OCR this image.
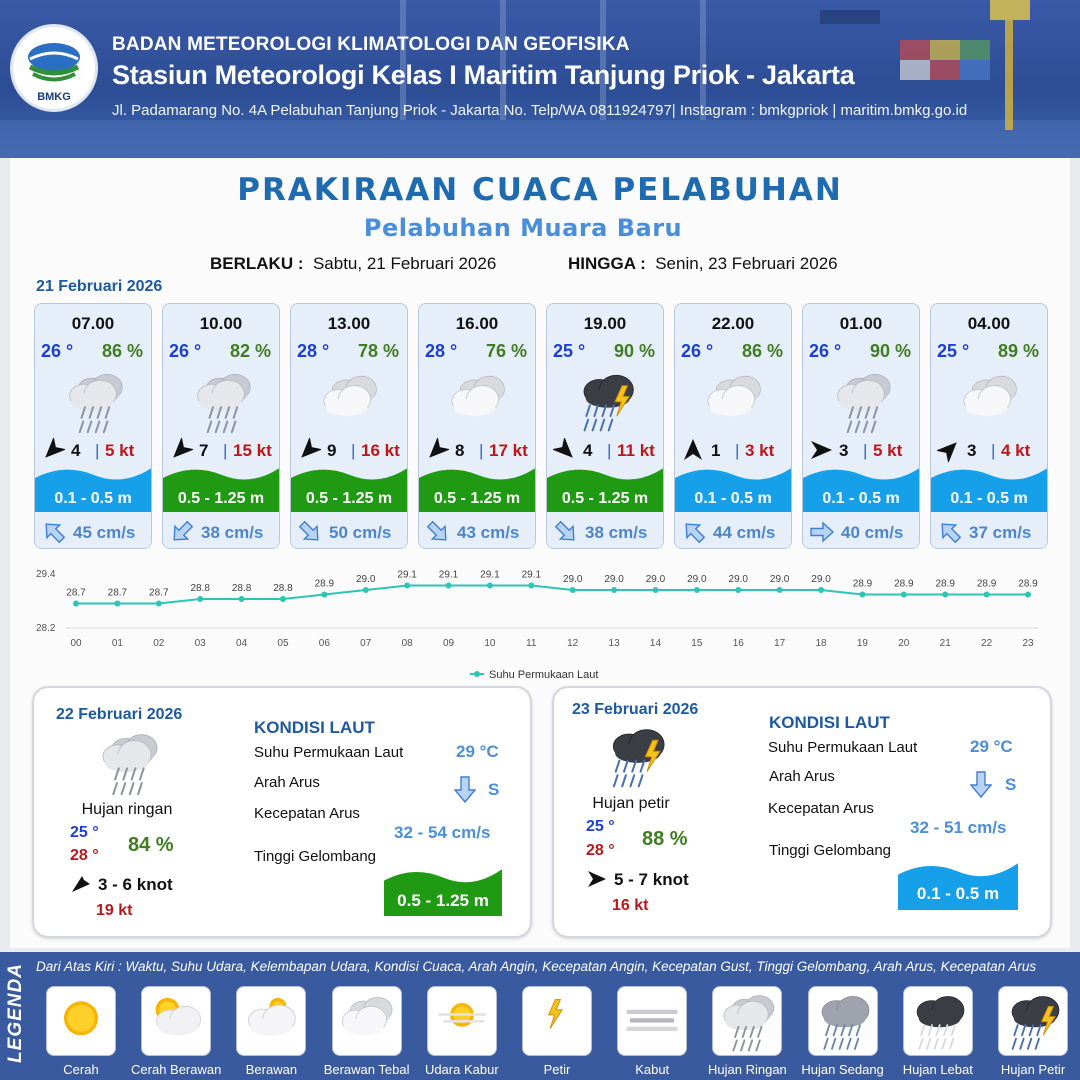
BMKG
BADAN METEOROLOGI KLIMATOLOGI DAN GEOFISIKA
Stasiun Meteorologi Kelas I Maritim Tanjung Priok - Jakarta
Jl. Padamarang No. 4A Pelabuhan Tanjung Priok - Jakarta No. Telp/WA 0811924797| Instagram : bmkgpriok | maritim.bmkg.go.id
PRAKIRAAN CUACA PELABUHAN
Pelabuhan Muara Baru
BERLAKU : Sabtu, 21 Februari 2026	HINGGA : Senin, 23 Februari 2026
21 Februari 2026
07.00
26 ° 86 %
4 | 5 kt
0.1 - 0.5 m
45 cm/s
10.00
26 ° 82 %
7 | 15 kt
0.5 - 1.25 m
38 cm/s
13.00
28 ° 78 %
9 | 16 kt
0.5 - 1.25 m
50 cm/s
16.00
28 ° 76 %
8 | 17 kt
0.5 - 1.25 m
43 cm/s
19.00
25 ° 90 %
4 | 11 kt
0.5 - 1.25 m
38 cm/s
22.00
26 ° 86 %
1 | 3 kt
0.1 - 0.5 m
44 cm/s
01.00
26 ° 90 %
3 | 5 kt
0.1 - 0.5 m
40 cm/s
04.00
25 ° 89 %
3 | 4 kt
0.1 - 0.5 m
37 cm/s
29.4
28.2
28.7
00
28.7
01
28.7
02
28.8
03
28.8
04
28.8
05
28.9
06
29.0
07
29.1
08
29.1
09
29.1
10
29.1
11
29.0
12
29.0
13
29.0
14
29.0
15
29.0
16
29.0
17
29.0
18
28.9
19
28.9
20
28.9
21
28.9
22
28.9
23
Suhu Permukaan Laut
22 Februari 2026
Hujan ringan
25 °
28 ° 84 %
3 - 6 knot
19 kt
KONDISI LAUT
Suhu Permukaan Laut	29 °C
Arah Arus	S
Kecepatan Arus
32 - 54 cm/s
Tinggi Gelombang
0.5 - 1.25 m
23 Februari 2026
Hujan petir
25 °
28 °
88 %
5 - 7 knot
16 kt
KONDISI LAUT
Suhu Permukaan Laut	29 °C
Arah Arus	S
Kecepatan Arus
32 - 51 cm/s
Tinggi Gelombang
0.1 - 0.5 m
LEGENDA Dari Atas Kiri : Waktu, Suhu Udara, Kelembapan Udara, Kondisi Cuaca, Arah Angin, Kecepatan Angin, Kecepatan Gust, Tinggi Gelombang, Arah Arus, Kecepatan Arus
Cerah	Cerah Berawan	Berawan	Berawan Tebal	Udara Kabur	Petir	Kabut	Hujan Ringan	Hujan Sedang	Hujan Lebat	Hujan Petir
